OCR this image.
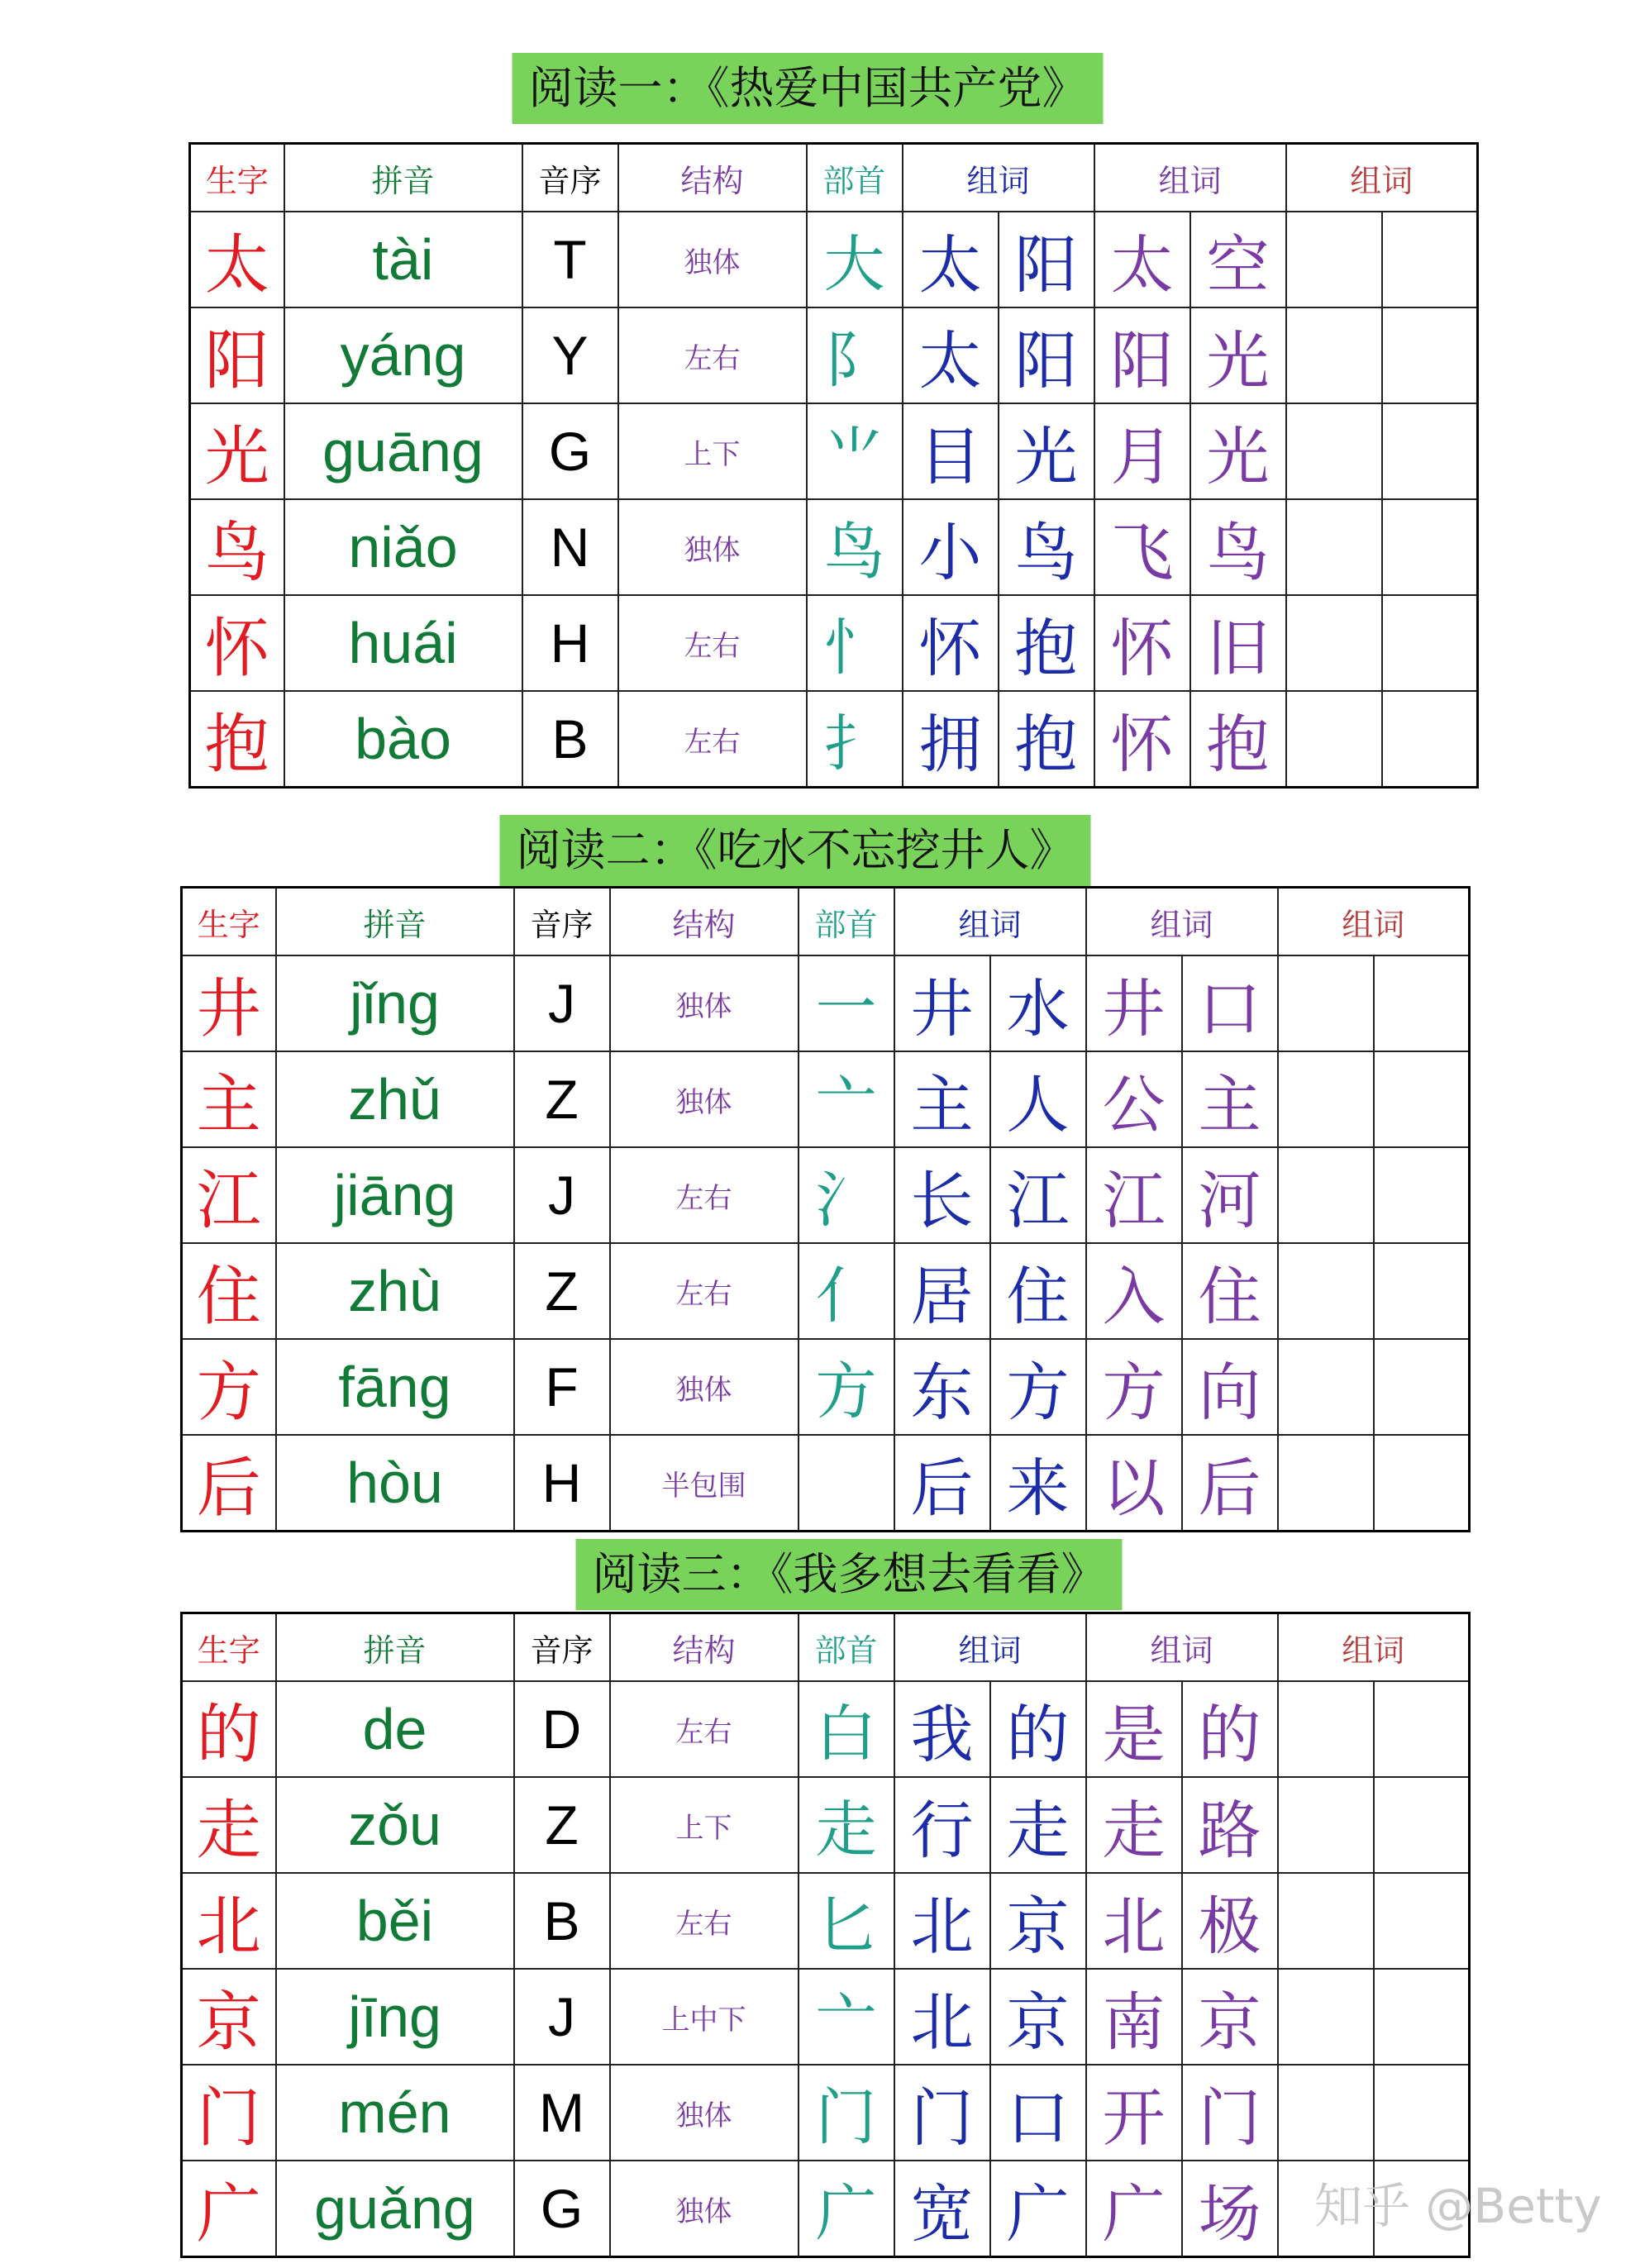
阅读一：《热爱中国共产党》
生字	拼音	音序	结构	部首	组词		组词		组词	
太	tài	T	独体	大	太	阳	太	空		
阳	yáng	Y	左右	阝	太	阳	阳	光		
光	guāng	G	上下	⺌	目	光	月	光		
鸟	niǎo	N	独体	鸟	小	鸟	飞	鸟		
怀	huái	H	左右	忄	怀	抱	怀	旧		
抱	bào	B	左右	扌	拥	抱	怀	抱		
阅读二：《吃水不忘挖井人》
生字	拼音	音序	结构	部首	组词		组词		组词	
井	jǐng	J	独体	一	井	水	井	口		
主	zhǔ	Z	独体	亠	主	人	公	主		
江	jiāng	J	左右	氵	长	江	江	河		
住	zhù	Z	左右	亻	居	住	入	住		
方	fāng	F	独体	方	东	方	方	向		
后	hòu	H	半包围		后	来	以	后		
阅读三：《我多想去看看》
生字	拼音	音序	结构	部首	组词		组词		组词	
的	de	D	左右	白	我	的	是	的		
走	zǒu	Z	上下	走	行	走	走	路		
北	běi	B	左右	匕	北	京	北	极		
京	jīng	J	上中下	亠	北	京	南	京		
门	mén	M	独体	门	门	口	开	门		
广	guǎng	G	独体	广	宽	广	广	场		知乎 @Betty
